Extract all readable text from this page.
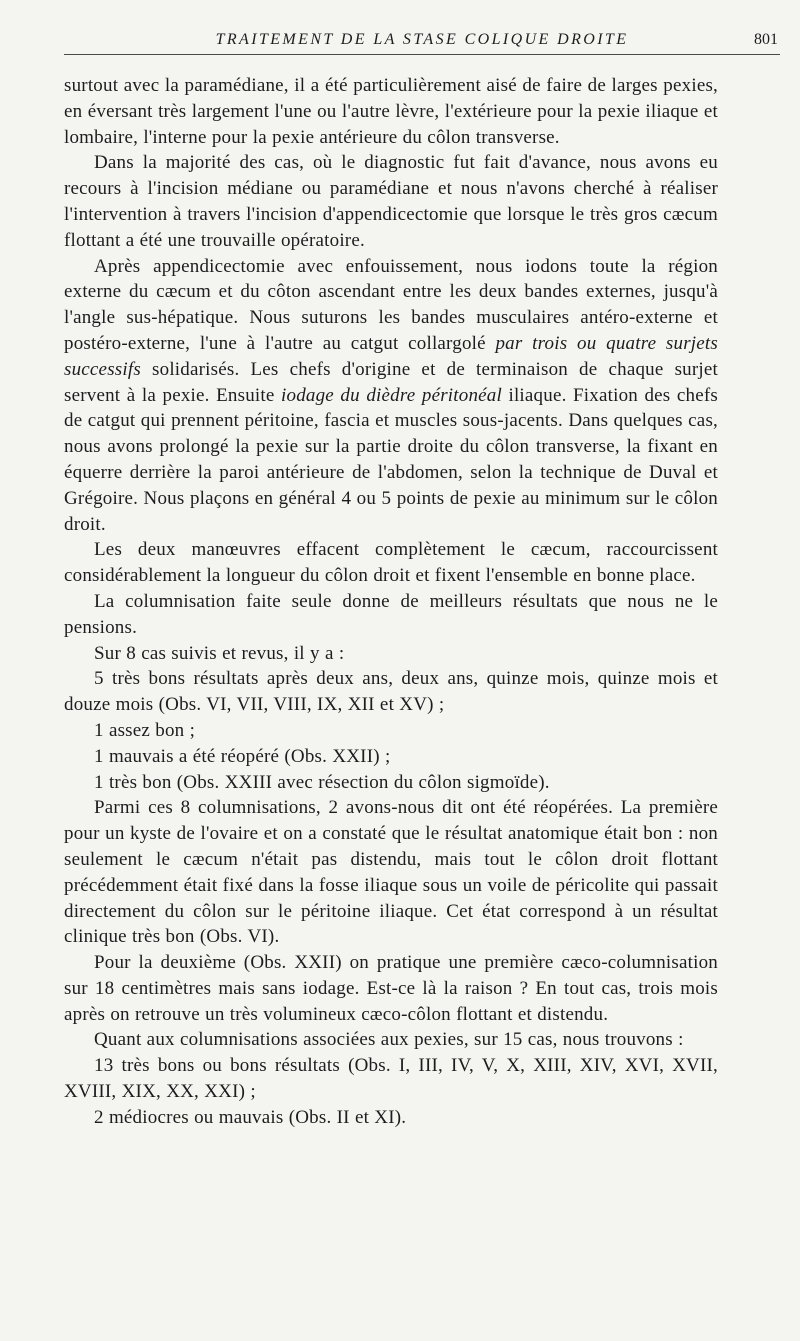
TRAITEMENT DE LA STASE COLIQUE DROITE	801

surtout avec la paramédiane, il a été particulièrement aisé de faire de larges pexies, en éversant très largement l'une ou l'autre lèvre, l'extérieure pour la pexie iliaque et lombaire, l'interne pour la pexie antérieure du côlon transverse.

Dans la majorité des cas, où le diagnostic fut fait d'avance, nous avons eu recours à l'incision médiane ou paramédiane et nous n'avons cherché à réaliser l'intervention à travers l'incision d'appendicectomie que lorsque le très gros cæcum flottant a été une trouvaille opératoire.

Après appendicectomie avec enfouissement, nous iodons toute la région externe du cæcum et du côton ascendant entre les deux bandes externes, jusqu'à l'angle sus-hépatique. Nous suturons les bandes musculaires antéro-externe et postéro-externe, l'une à l'autre au catgut collargolé par trois ou quatre surjets successifs solidarisés. Les chefs d'origine et de terminaison de chaque surjet servent à la pexie. Ensuite iodage du dièdre péritonéal iliaque. Fixation des chefs de catgut qui prennent péritoine, fascia et muscles sous-jacents. Dans quelques cas, nous avons prolongé la pexie sur la partie droite du côlon transverse, la fixant en équerre derrière la paroi antérieure de l'abdomen, selon la technique de Duval et Grégoire. Nous plaçons en général 4 ou 5 points de pexie au minimum sur le côlon droit.

Les deux manœuvres effacent complètement le cæcum, raccourcissent considérablement la longueur du côlon droit et fixent l'ensemble en bonne place.

La columnisation faite seule donne de meilleurs résultats que nous ne le pensions.

Sur 8 cas suivis et revus, il y a :

5 très bons résultats après deux ans, deux ans, quinze mois, quinze mois et douze mois (Obs. VI, VII, VIII, IX, XII et XV) ;

1 assez bon ;

1 mauvais a été réopéré (Obs. XXII) ;

1 très bon (Obs. XXIII avec résection du côlon sigmoïde).

Parmi ces 8 columnisations, 2 avons-nous dit ont été réopérées. La première pour un kyste de l'ovaire et on a constaté que le résultat anatomique était bon : non seulement le cæcum n'était pas distendu, mais tout le côlon droit flottant précédemment était fixé dans la fosse iliaque sous un voile de péricolite qui passait directement du côlon sur le péritoine iliaque. Cet état correspond à un résultat clinique très bon (Obs. VI).

Pour la deuxième (Obs. XXII) on pratique une première cæco-columnisation sur 18 centimètres mais sans iodage. Est-ce là la raison ? En tout cas, trois mois après on retrouve un très volumineux cæco-côlon flottant et distendu.

Quant aux columnisations associées aux pexies, sur 15 cas, nous trouvons :

13 très bons ou bons résultats (Obs. I, III, IV, V, X, XIII, XIV, XVI, XVII, XVIII, XIX, XX, XXI) ;

2 médiocres ou mauvais (Obs. II et XI).
